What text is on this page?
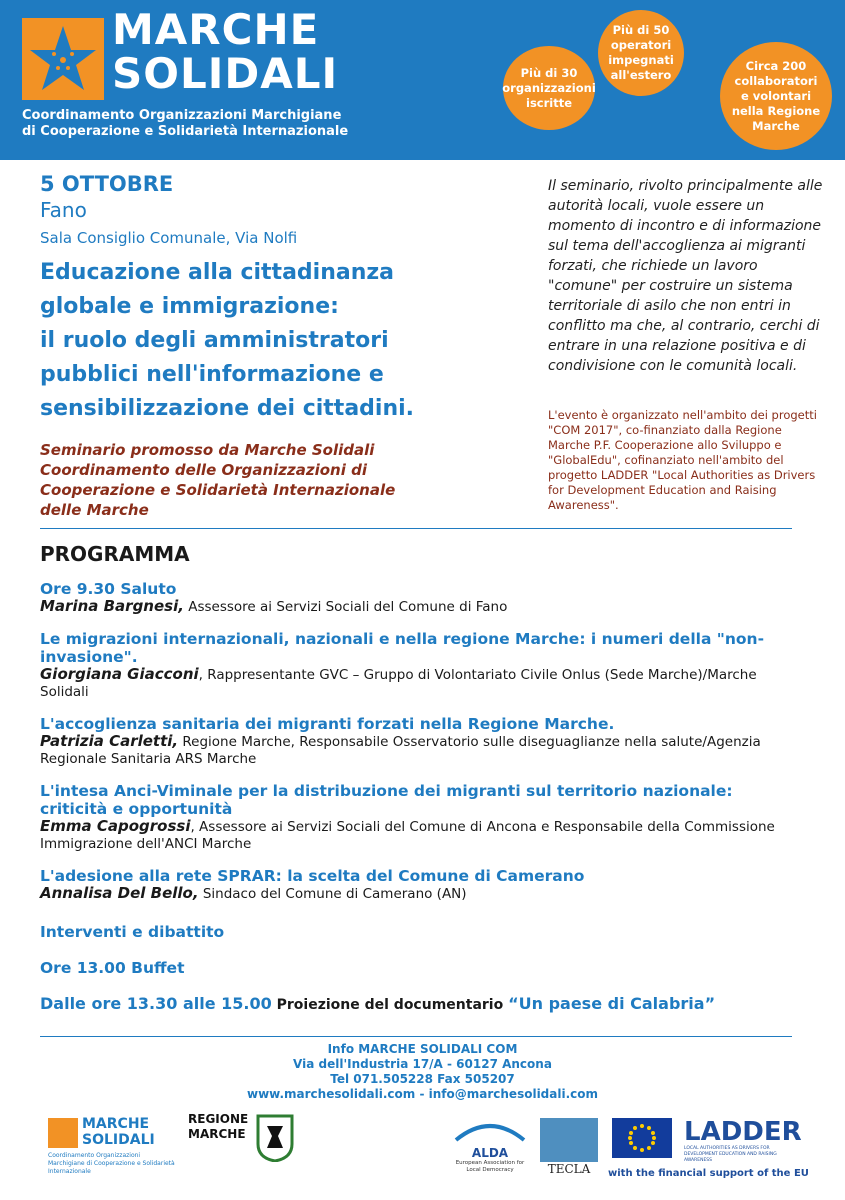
MARCHE
SOLIDALI
Coordinamento Organizzazioni Marchigiane
di Cooperazione e Solidarietà Internazionale
Più di 30 organizzazioni iscritte
Più di 50 operatori impegnati all'estero
Circa 200 collaboratori e volontari nella Regione Marche
5 OTTOBRE
Fano
Sala Consiglio Comunale, Via Nolfi
Educazione alla cittadinanza
globale e immigrazione:
il ruolo degli amministratori
pubblici nell'informazione e
sensibilizzazione dei cittadini.
Seminario promosso da Marche Solidali
Coordinamento delle Organizzazioni di
Cooperazione e Solidarietà Internazionale
delle Marche
Il seminario, rivolto principalmente alle autorità locali, vuole essere un momento di incontro e di informazione sul tema dell'accoglienza ai migranti forzati, che richiede un lavoro "comune" per costruire un sistema territoriale di asilo che non entri in conflitto ma che, al contrario, cerchi di entrare in una relazione positiva e di condivisione con le comunità locali.
L'evento è organizzato nell'ambito dei progetti "COM 2017", co-finanziato dalla Regione Marche P.F. Cooperazione allo Sviluppo e "GlobalEdu", cofinanziato nell'ambito del progetto LADDER "Local Authorities as Drivers for Development Education and Raising Awareness".
PROGRAMMA
Ore 9.30 Saluto
Marina Bargnesi, Assessore ai Servizi Sociali del Comune di Fano
Le migrazioni internazionali, nazionali e nella regione Marche: i numeri della "non-invasione".
Giorgiana Giacconi, Rappresentante GVC – Gruppo di Volontariato Civile Onlus (Sede Marche)/Marche Solidali
L'accoglienza sanitaria dei migranti forzati nella Regione Marche.
Patrizia Carletti, Regione Marche, Responsabile Osservatorio sulle diseguaglianze nella salute/Agenzia Regionale Sanitaria ARS Marche
L'intesa Anci-Viminale per la distribuzione dei migranti sul territorio nazionale: criticità e opportunità
Emma Capogrossi, Assessore ai Servizi Sociali del Comune di Ancona e Responsabile della Commissione Immigrazione dell'ANCI Marche
L'adesione alla rete SPRAR: la scelta del Comune di Camerano
Annalisa Del Bello, Sindaco del Comune di Camerano (AN)
Interventi e dibattito
Ore 13.00 Buffet
Dalle ore 13.30 alle 15.00 Proiezione del documentario “Un paese di Calabria”
Info MARCHE SOLIDALI COM
Via dell'Industria 17/A - 60127 Ancona
Tel 071.505228 Fax 505207
www.marchesolidali.com - info@marchesolidali.com
MARCHE
SOLIDALI
Coordinamento Organizzazioni Marchigiane di Cooperazione e Solidarietà Internazionale
REGIONE
MARCHE
ALDA
European Association for Local Democracy	TECLA
LADDER
LOCAL AUTHORITIES AS DRIVERS FOR DEVELOPMENT EDUCATION AND RAISING AWARENESS
with the financial support of the EU
